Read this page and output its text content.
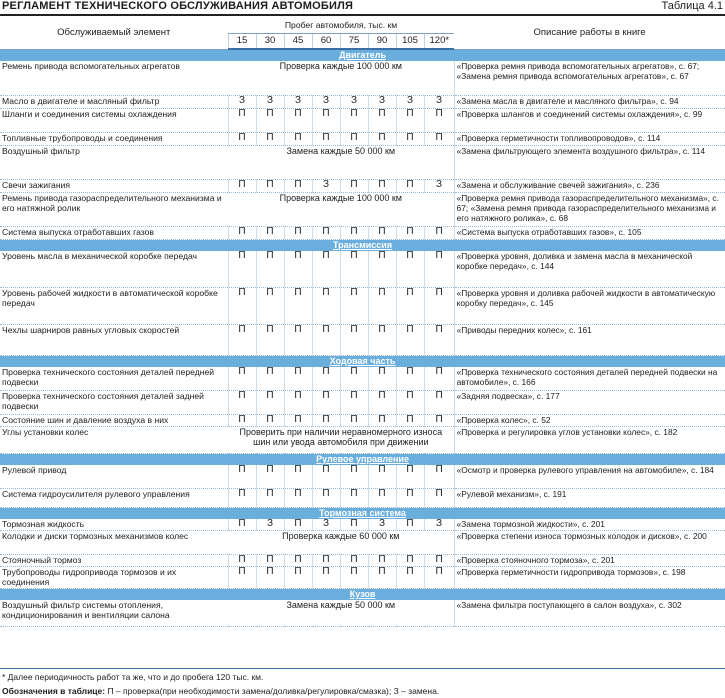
РЕГЛАМЕНТ ТЕХНИЧЕСКОГО ОБСЛУЖИВАНИЯ АВТОМОБИЛЯ	Таблица 4.1
Обслуживаемый элемент	Пробег автомобиля, тыс. км								Описание работы в книге
	15	30	45	60	75	90	105	120*	
Двигатель									
Ремень привода вспомогательных агрегатов	Проверка каждые 100 000 км								«Проверка ремня привода вспомогательных агрегатов», с. 67; «Замена ремня привода вспомогательных агрегатов», с. 67
Масло в двигателе и масляный фильтр	З	З	З	З	З	З	З	З	«Замена масла в двигателе и масляного фильтра», с. 94
Шланги и соединения системы охлаждения	П	П	П	П	П	П	П	П	«Проверка шлангов и соединений системы охлаждения», с. 99
Топливные трубопроводы и соединения	П	П	П	П	П	П	П	П	«Проверка герметичности топливопроводов», с. 114
Воздушный фильтр	Замена каждые 50 000 км								«Замена фильтрующего элемента воздушного фильтра», с. 114
Свечи зажигания	П	П	П	З	П	П	П	З	«Замена и обслуживание свечей зажигания», с. 236
Ремень привода газораспределительного механизма и его натяжной ролик	Проверка каждые 100 000 км								«Проверка ремня привода газораспределительного механизма», с. 67; «Замена ремня привода газораспределительного механизма и его натяжного ролика», с. 68
Система выпуска отработавших газов	П	П	П	П	П	П	П	П	«Система выпуска отработавших газов», с. 105
Трансмиссия									
Уровень масла в механической коробке передач	П	П	П	П	П	П	П	П	«Проверка уровня, доливка и замена масла в механической коробке передач», с. 144
Уровень рабочей жидкости в автоматической коробке передач	П	П	П	П	П	П	П	П	«Проверка уровня и доливка рабочей жидкости в автоматическую коробку передач», с. 145
Чехлы шарниров равных угловых скоростей	П	П	П	П	П	П	П	П	«Приводы передних колес», с. 161
Ходовая часть									
Проверка технического состояния деталей передней подвески	П	П	П	П	П	П	П	П	«Проверка технического состояния деталей передней подвески на автомобиле», с. 166
Проверка технического состояния деталей задней подвески	П	П	П	П	П	П	П	П	«Задняя подвеска», с. 177
Состояние шин и давление воздуха в них	П	П	П	П	П	П	П	П	«Проверка колес», с. 52
Углы установки колес	Проверить при наличии неравномерного износа шин или увода автомобиля при движении								«Проверка и регулировка углов установки колес», с. 182
Рулевое управление									
Рулевой привод	П	П	П	П	П	П	П	П	«Осмотр и проверка рулевого управления на автомобиле», с. 184
Система гидроусилителя рулевого управления	П	П	П	П	П	П	П	П	«Рулевой механизм», с. 191
Тормозная система									
Тормозная жидкость	П	З	П	З	П	З	П	З	«Замена тормозной жидкости», с. 201
Колодки и диски тормозных механизмов колес	Проверка каждые 60 000 км								«Проверка степени износа тормозных колодок и дисков», с. 200
Стояночный тормоз	П	П	П	П	П	П	П	П	«Проверка стояночного тормоза», с. 201
Трубопроводы гидропривода тормозов и их соединения	П	П	П	П	П	П	П	П	«Проверка герметичности гидропривода тормозов», с. 198
Кузов									
Воздушный фильтр системы отопления, кондиционирования и вентиляции салона	Замена каждые 50 000 км								«Замена фильтра поступающего в салон воздуха», с. 302
* Далее периодичность работ та же, что и до пробега 120 тыс. км.
Обозначения в таблице: П – проверка(при необходимости замена/доливка/регулировка/смазка); З – замена.
